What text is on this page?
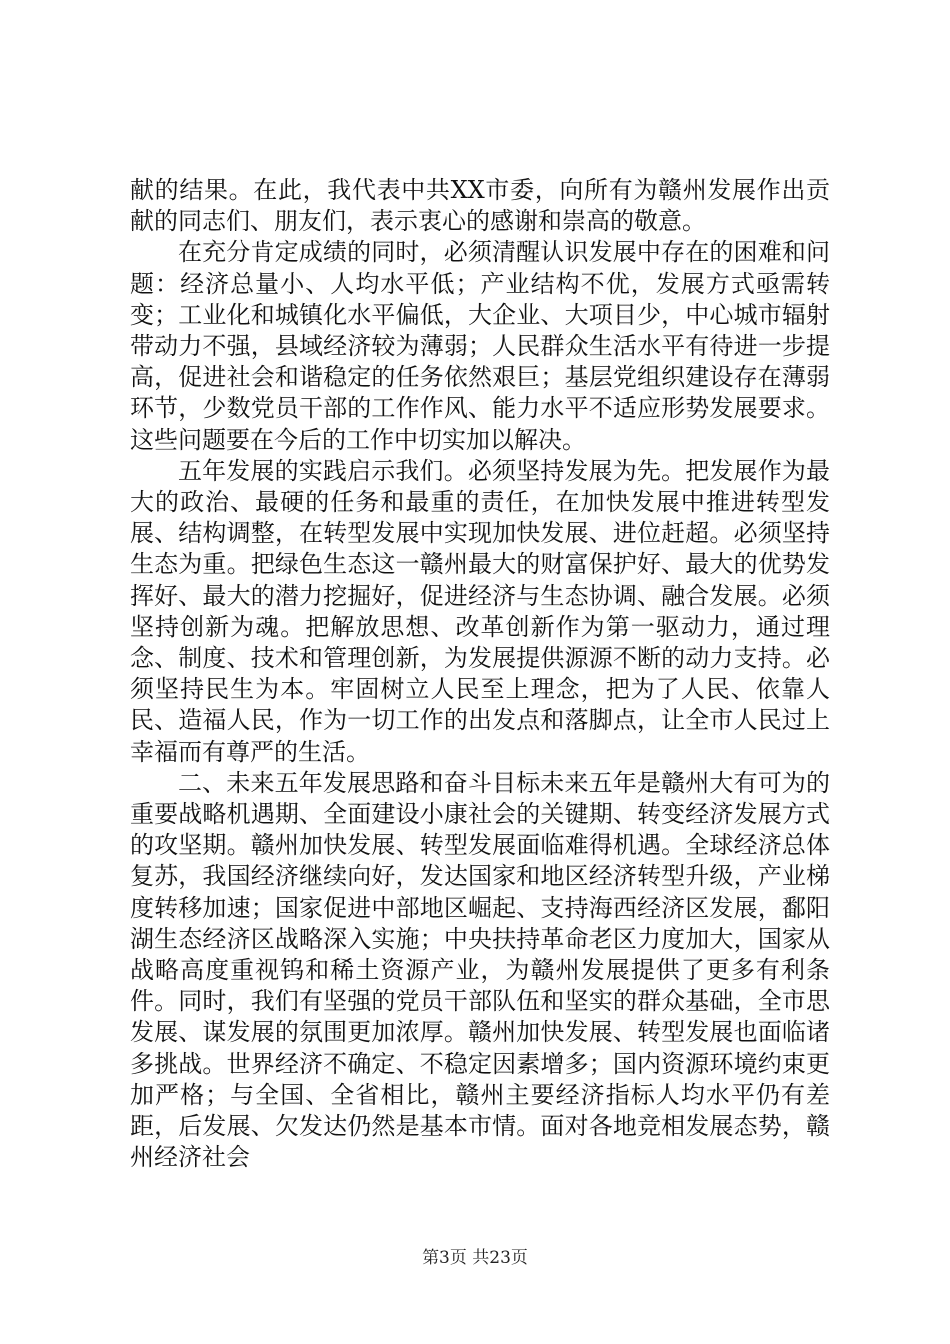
献的结果。在此，我代表中共XX市委，向所有为赣州发展作出贡献的同志们、朋友们，表示衷心的感谢和崇高的敬意。

在充分肯定成绩的同时，必须清醒认识发展中存在的困难和问题：经济总量小、人均水平低；产业结构不优，发展方式亟需转变；工业化和城镇化水平偏低，大企业、大项目少，中心城市辐射带动力不强，县域经济较为薄弱；人民群众生活水平有待进一步提高，促进社会和谐稳定的任务依然艰巨；基层党组织建设存在薄弱环节，少数党员干部的工作作风、能力水平不适应形势发展要求。这些问题要在今后的工作中切实加以解决。

五年发展的实践启示我们。必须坚持发展为先。把发展作为最大的政治、最硬的任务和最重的责任，在加快发展中推进转型发展、结构调整，在转型发展中实现加快发展、进位赶超。必须坚持生态为重。把绿色生态这一赣州最大的财富保护好、最大的优势发挥好、最大的潜力挖掘好，促进经济与生态协调、融合发展。必须坚持创新为魂。把解放思想、改革创新作为第一驱动力，通过理念、制度、技术和管理创新，为发展提供源源不断的动力支持。必须坚持民生为本。牢固树立人民至上理念，把为了人民、依靠人民、造福人民，作为一切工作的出发点和落脚点，让全市人民过上幸福而有尊严的生活。

二、未来五年发展思路和奋斗目标未来五年是赣州大有可为的重要战略机遇期、全面建设小康社会的关键期、转变经济发展方式的攻坚期。赣州加快发展、转型发展面临难得机遇。全球经济总体复苏，我国经济继续向好，发达国家和地区经济转型升级，产业梯度转移加速；国家促进中部地区崛起、支持海西经济区发展，鄱阳湖生态经济区战略深入实施；中央扶持革命老区力度加大，国家从战略高度重视钨和稀土资源产业，为赣州发展提供了更多有利条件。同时，我们有坚强的党员干部队伍和坚实的群众基础，全市思发展、谋发展的氛围更加浓厚。赣州加快发展、转型发展也面临诸多挑战。世界经济不确定、不稳定因素增多；国内资源环境约束更加严格；与全国、全省相比，赣州主要经济指标人均水平仍有差距，后发展、欠发达仍然是基本市情。面对各地竞相发展态势，赣州经济社会

第3页 共23页
